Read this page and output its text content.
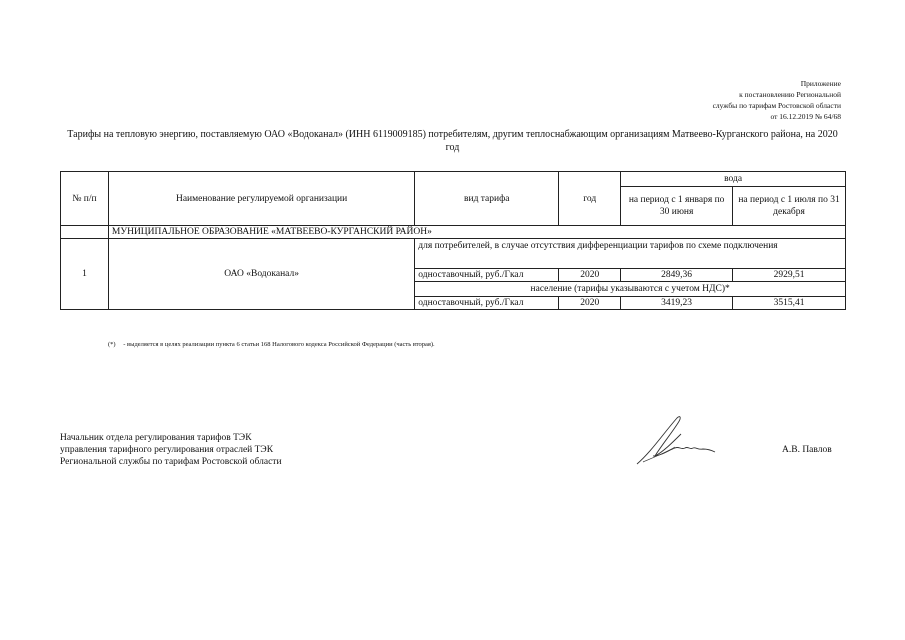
Приложение
к постановлению Региональной
службы по тарифам Ростовской области
от 16.12.2019 № 64/68
Тарифы на тепловую энергию, поставляемую ОАО «Водоканал» (ИНН 6119009185) потребителям, другим теплоснабжающим организациям Матвеево-Курганского района, на 2020 год
№ п/п	Наименование регулируемой организации	вид тарифа	год	вода	
				на период с 1 января по 30 июня	на период с 1 июля по 31 декабря
	МУНИЦИПАЛЬНОЕ ОБРАЗОВАНИЕ «МАТВЕЕВО-КУРГАНСКИЙ РАЙОН»				
1	ОАО «Водоканал»	для потребителей, в случае отсутствия дифференциации тарифов по схеме подключения			
		одноставочный, руб./Гкал	2020	2849,36	2929,51
		население (тарифы указываются с учетом НДС)*			
		одноставочный, руб./Гкал	2020	3419,23	3515,41
(*) - выделяется в целях реализации пункта 6 статьи 168 Налогового кодекса Российской Федерации (часть вторая).
Начальник отдела регулирования тарифов ТЭК
управления тарифного регулирования отраслей ТЭК
Региональной службы по тарифам Ростовской области
А.В. Павлов
